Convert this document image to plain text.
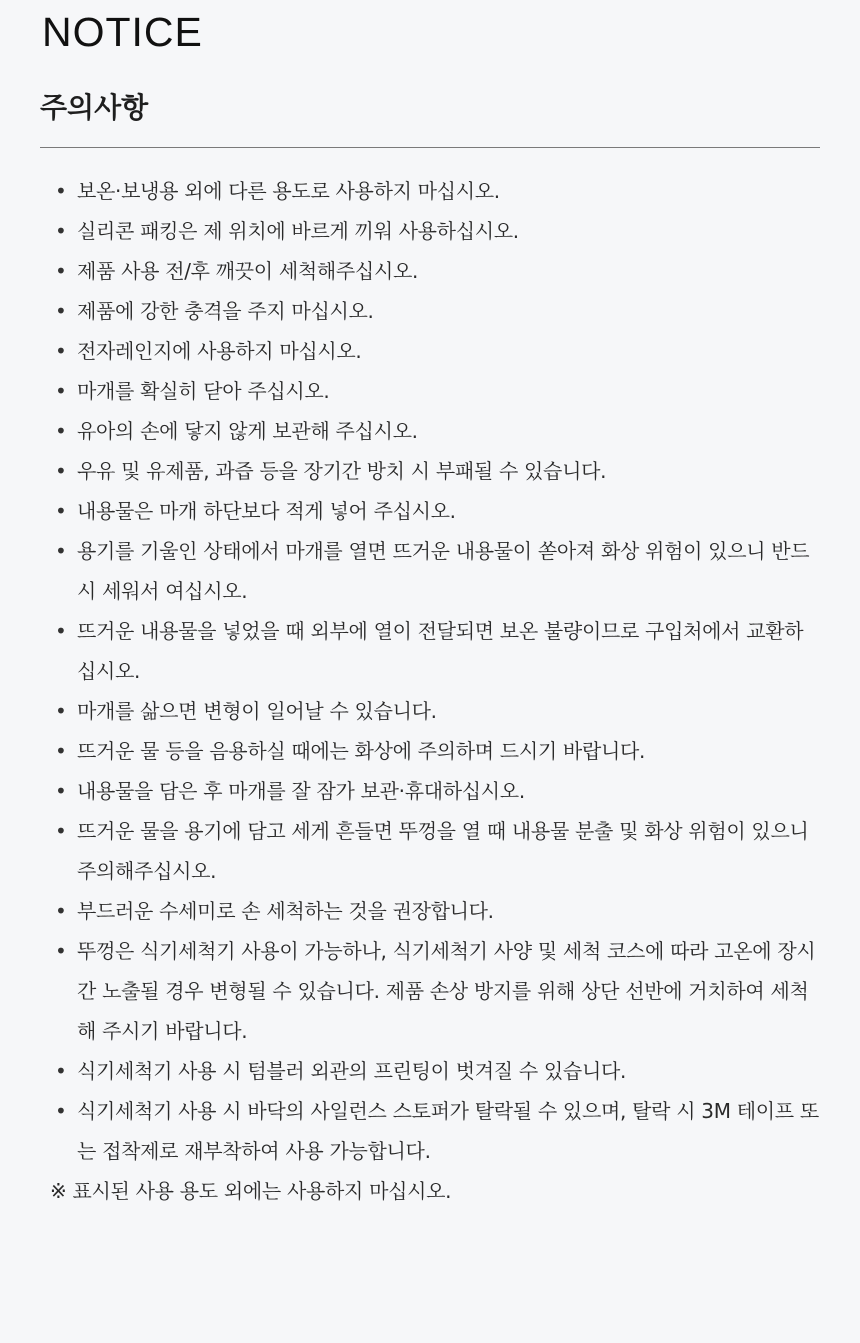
NOTICE
주의사항
• 보온·보냉용 외에 다른 용도로 사용하지 마십시오.
• 실리콘 패킹은 제 위치에 바르게 끼워 사용하십시오.
• 제품 사용 전/후 깨끗이 세척해주십시오.
• 제품에 강한 충격을 주지 마십시오.
• 전자레인지에 사용하지 마십시오.
• 마개를 확실히 닫아 주십시오.
• 유아의 손에 닿지 않게 보관해 주십시오.
• 우유 및 유제품, 과즙 등을 장기간 방치 시 부패될 수 있습니다.
• 내용물은 마개 하단보다 적게 넣어 주십시오.
• 용기를 기울인 상태에서 마개를 열면 뜨거운 내용물이 쏟아져 화상 위험이 있으니 반드시 세워서 여십시오.
• 뜨거운 내용물을 넣었을 때 외부에 열이 전달되면 보온 불량이므로 구입처에서 교환하십시오.
• 마개를 삶으면 변형이 일어날 수 있습니다.
• 뜨거운 물 등을 음용하실 때에는 화상에 주의하며 드시기 바랍니다.
• 내용물을 담은 후 마개를 잘 잠가 보관·휴대하십시오.
• 뜨거운 물을 용기에 담고 세게 흔들면 뚜껑을 열 때 내용물 분출 및 화상 위험이 있으니 주의해주십시오.
• 부드러운 수세미로 손 세척하는 것을 권장합니다.
• 뚜껑은 식기세척기 사용이 가능하나, 식기세척기 사양 및 세척 코스에 따라 고온에 장시간 노출될 경우 변형될 수 있습니다. 제품 손상 방지를 위해 상단 선반에 거치하여 세척해 주시기 바랍니다.
• 식기세척기 사용 시 텀블러 외관의 프린팅이 벗겨질 수 있습니다.
• 식기세척기 사용 시 바닥의 사일런스 스토퍼가 탈락될 수 있으며, 탈락 시 3M 테이프 또는 접착제로 재부착하여 사용 가능합니다.
※ 표시된 사용 용도 외에는 사용하지 마십시오.
